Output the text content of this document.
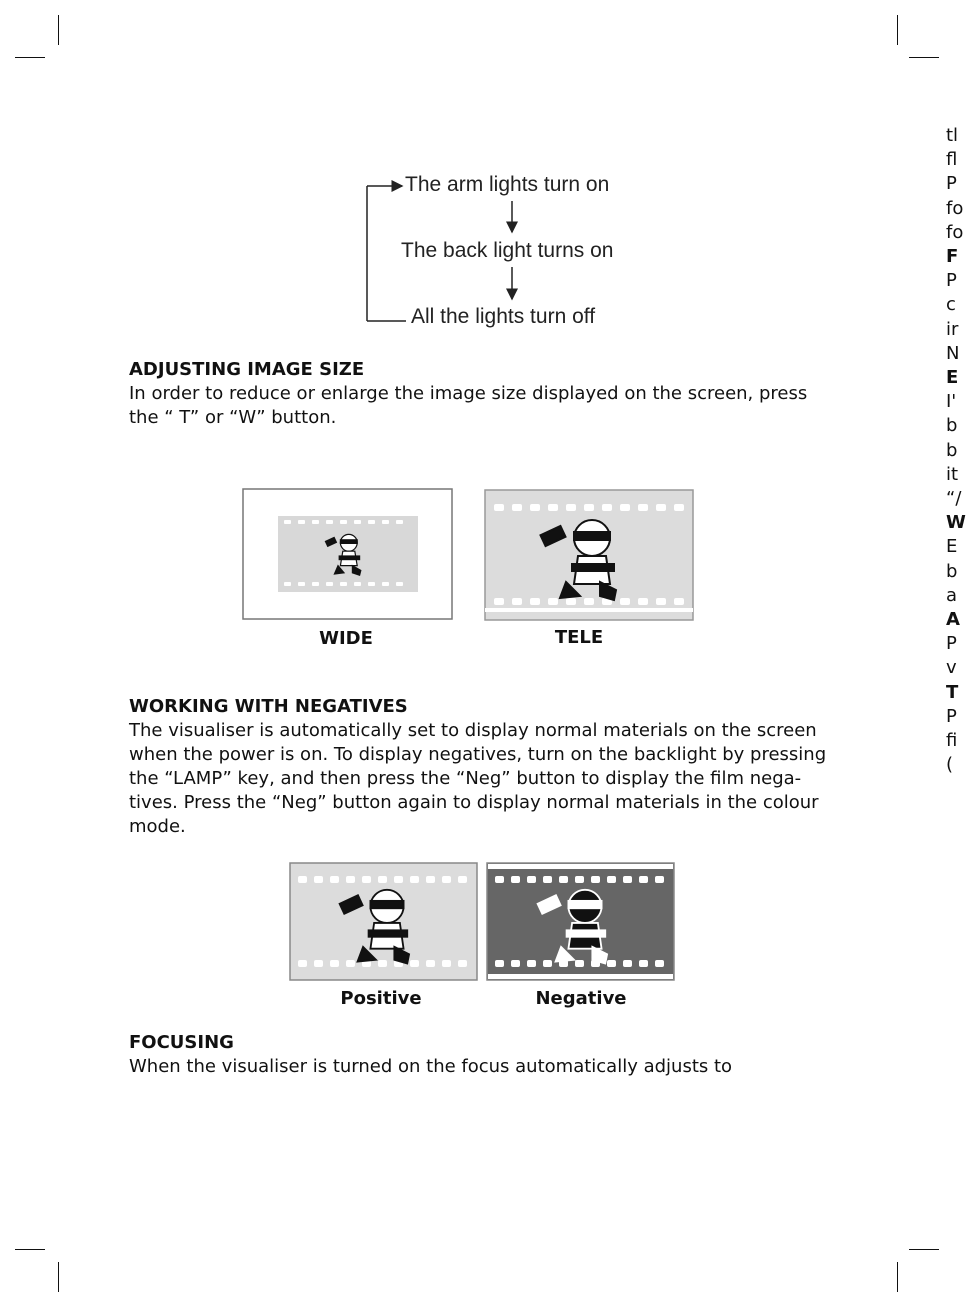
The arm lights turn on
The back light turns on
All the lights turn off
ADJUSTING IMAGE SIZE

In order to reduce or enlarge the image size displayed on the screen, press
the “ T” or “W” button.

WIDE	TELE
WORKING WITH NEGATIVES

The visualiser is automatically set to display normal materials on the screen
when the power is on. To display negatives, turn on the backlight by pressing
the “LAMP” key, and then press the “Neg” button to display the film nega-
tives. Press the “Neg” button again to display normal materials in the colour
mode.

Positive	Negative
FOCUSING

When the visualiser is turned on the focus automatically adjusts to

tl
fl
P
fo
fo
F
P
c
ir
N
E
I'
b
b
it
“/
W
E
b
a
A
P
v
T
P
fi
(
